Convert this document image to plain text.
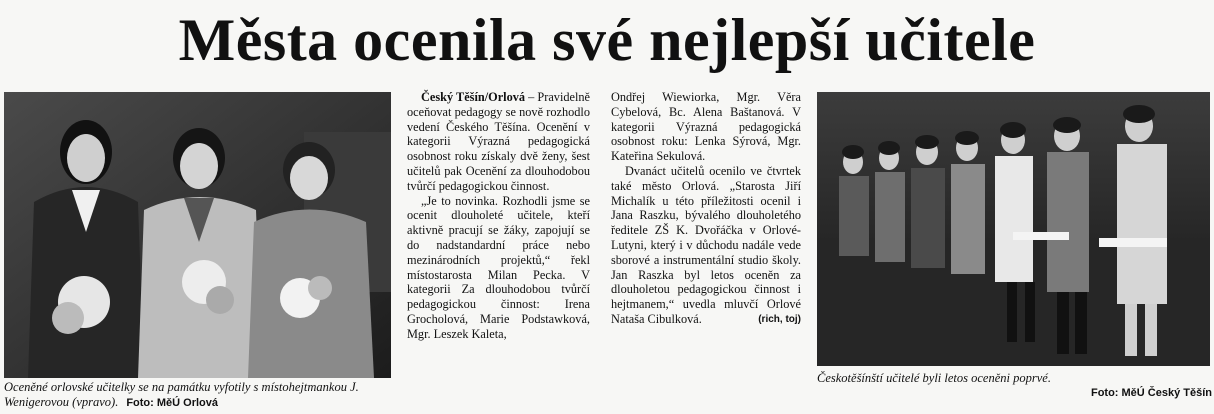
Města ocenila své nejlepší učitele
Oceněné orlovské učitelky se na památku vyfotily s místohejtmankou J. Wenigerovou (vpravo). Foto: MěÚ Orlová

Český Těšín/Orlová – Pravidelně oceňovat pedagogy se nově rozhodlo vedení Českého Těšína. Ocenění v kategorii Výrazná pedagogická osobnost roku získaly dvě ženy, šest učitelů pak Ocenění za dlouhodobou tvůrčí pedagogickou činnost.

„Je to novinka. Rozhodli jsme se ocenit dlouholeté učitele, kteří aktivně pracují se žáky, zapojují se do nadstandardní práce nebo mezinárodních projektů,“ řekl místostarosta Milan Pecka. V kategorii Za dlouhodobou tvůrčí pedagogickou činnost: Irena Grocholová, Marie Podstawková, Mgr. Leszek Kaleta,

Ondřej Wiewiorka, Mgr. Věra Cybelová, Bc. Alena Baštanová. V kategorii Výrazná pedagogická osobnost roku: Lenka Sýrová, Mgr. Kateřina Sekulová.

Dvanáct učitelů ocenilo ve čtvrtek také město Orlová. „Starosta Jiří Michalík u této příležitosti ocenil i Jana Raszku, bývalého dlouholetého ředitele ZŠ K. Dvořáčka v Orlové-Lutyni, který i v důchodu nadále vede sborové a instrumentální studio školy. Jan Raszka byl letos oceněn za dlouholetou pedagogickou činnost i hejtmanem,“ uvedla mluvčí Orlové Nataša Cibulková.	(rich, toj)

Českotěšínští učitelé byli letos oceněni poprvé.
Foto: MěÚ Český Těšín
